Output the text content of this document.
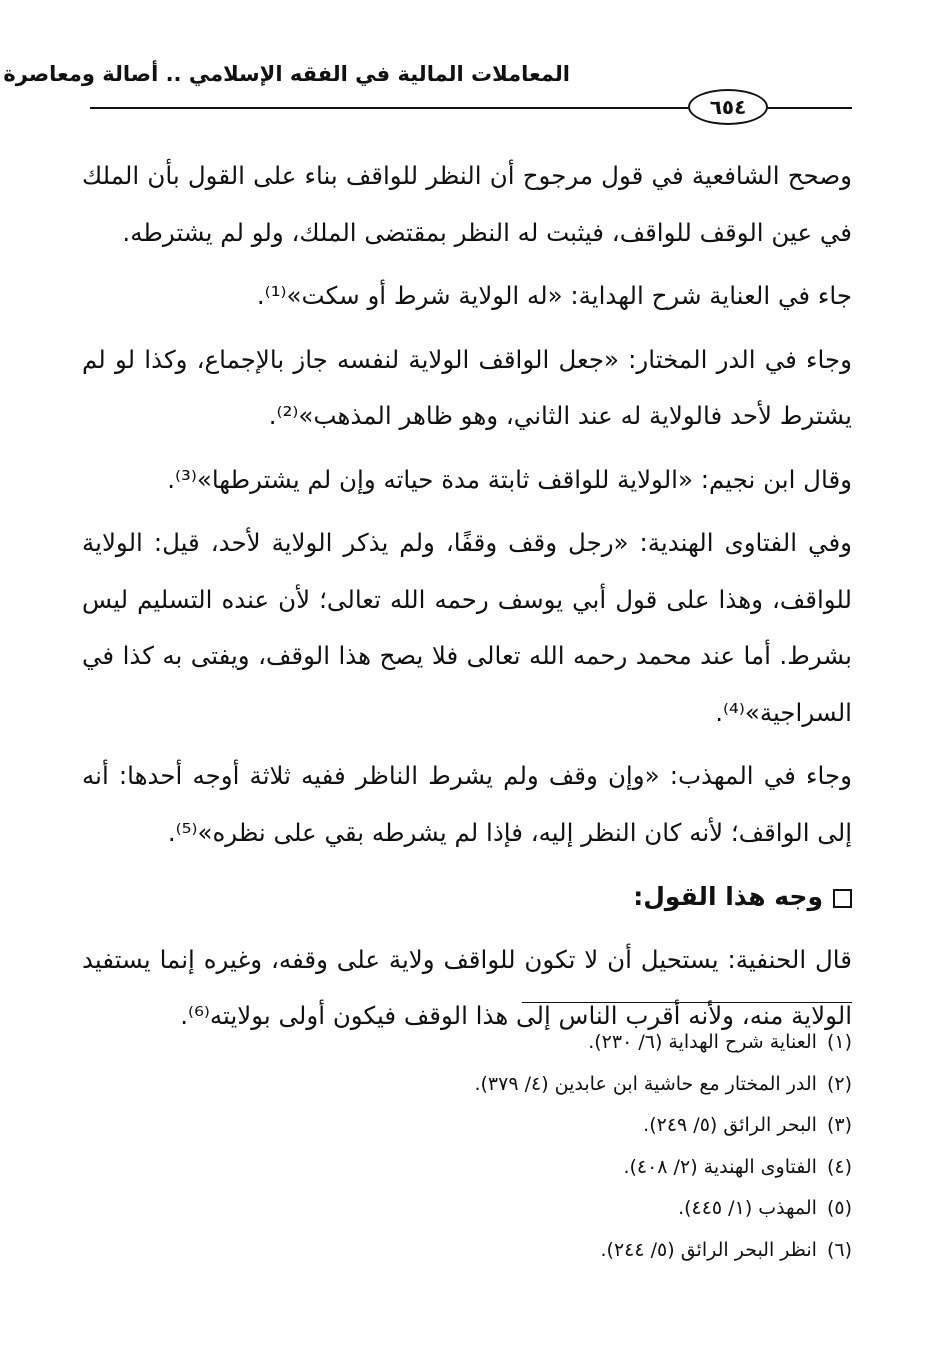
المعاملات المالية في الفقه الإسلامي .. أصالة ومعاصرة
٦٥٤

وصحح الشافعية في قول مرجوح أن النظر للواقف بناء على القول بأن الملك في عين الوقف للواقف، فيثبت له النظر بمقتضى الملك، ولو لم يشترطه.

جاء في العناية شرح الهداية: «له الولاية شرط أو سكت»⁽¹⁾.

وجاء في الدر المختار: «جعل الواقف الولاية لنفسه جاز بالإجماع، وكذا لو لم يشترط لأحد فالولاية له عند الثاني، وهو ظاهر المذهب»⁽²⁾.

وقال ابن نجيم: «الولاية للواقف ثابتة مدة حياته وإن لم يشترطها»⁽³⁾.

وفي الفتاوى الهندية: «رجل وقف وقفًا، ولم يذكر الولاية لأحد، قيل: الولاية للواقف، وهذا على قول أبي يوسف رحمه الله تعالى؛ لأن عنده التسليم ليس بشرط. أما عند محمد رحمه الله تعالى فلا يصح هذا الوقف، ويفتى به كذا في السراجية»⁽⁴⁾.

وجاء في المهذب: «وإن وقف ولم يشرط الناظر ففيه ثلاثة أوجه أحدها: أنه إلى الواقف؛ لأنه كان النظر إليه، فإذا لم يشرطه بقي على نظره»⁽⁵⁾.

وجه هذا القول:

قال الحنفية: يستحيل أن لا تكون للواقف ولاية على وقفه، وغيره إنما يستفيد الولاية منه، ولأنه أقرب الناس إلى هذا الوقف فيكون أولى بولايته⁽⁶⁾.

(١)العناية شرح الهداية (٦/ ٢٣٠).
(٢)الدر المختار مع حاشية ابن عابدين (٤/ ٣٧٩).
(٣)البحر الرائق (٥/ ٢٤٩).
(٤)الفتاوى الهندية (٢/ ٤٠٨).
(٥)المهذب (١/ ٤٤٥).
(٦)انظر البحر الرائق (٥/ ٢٤٤).
